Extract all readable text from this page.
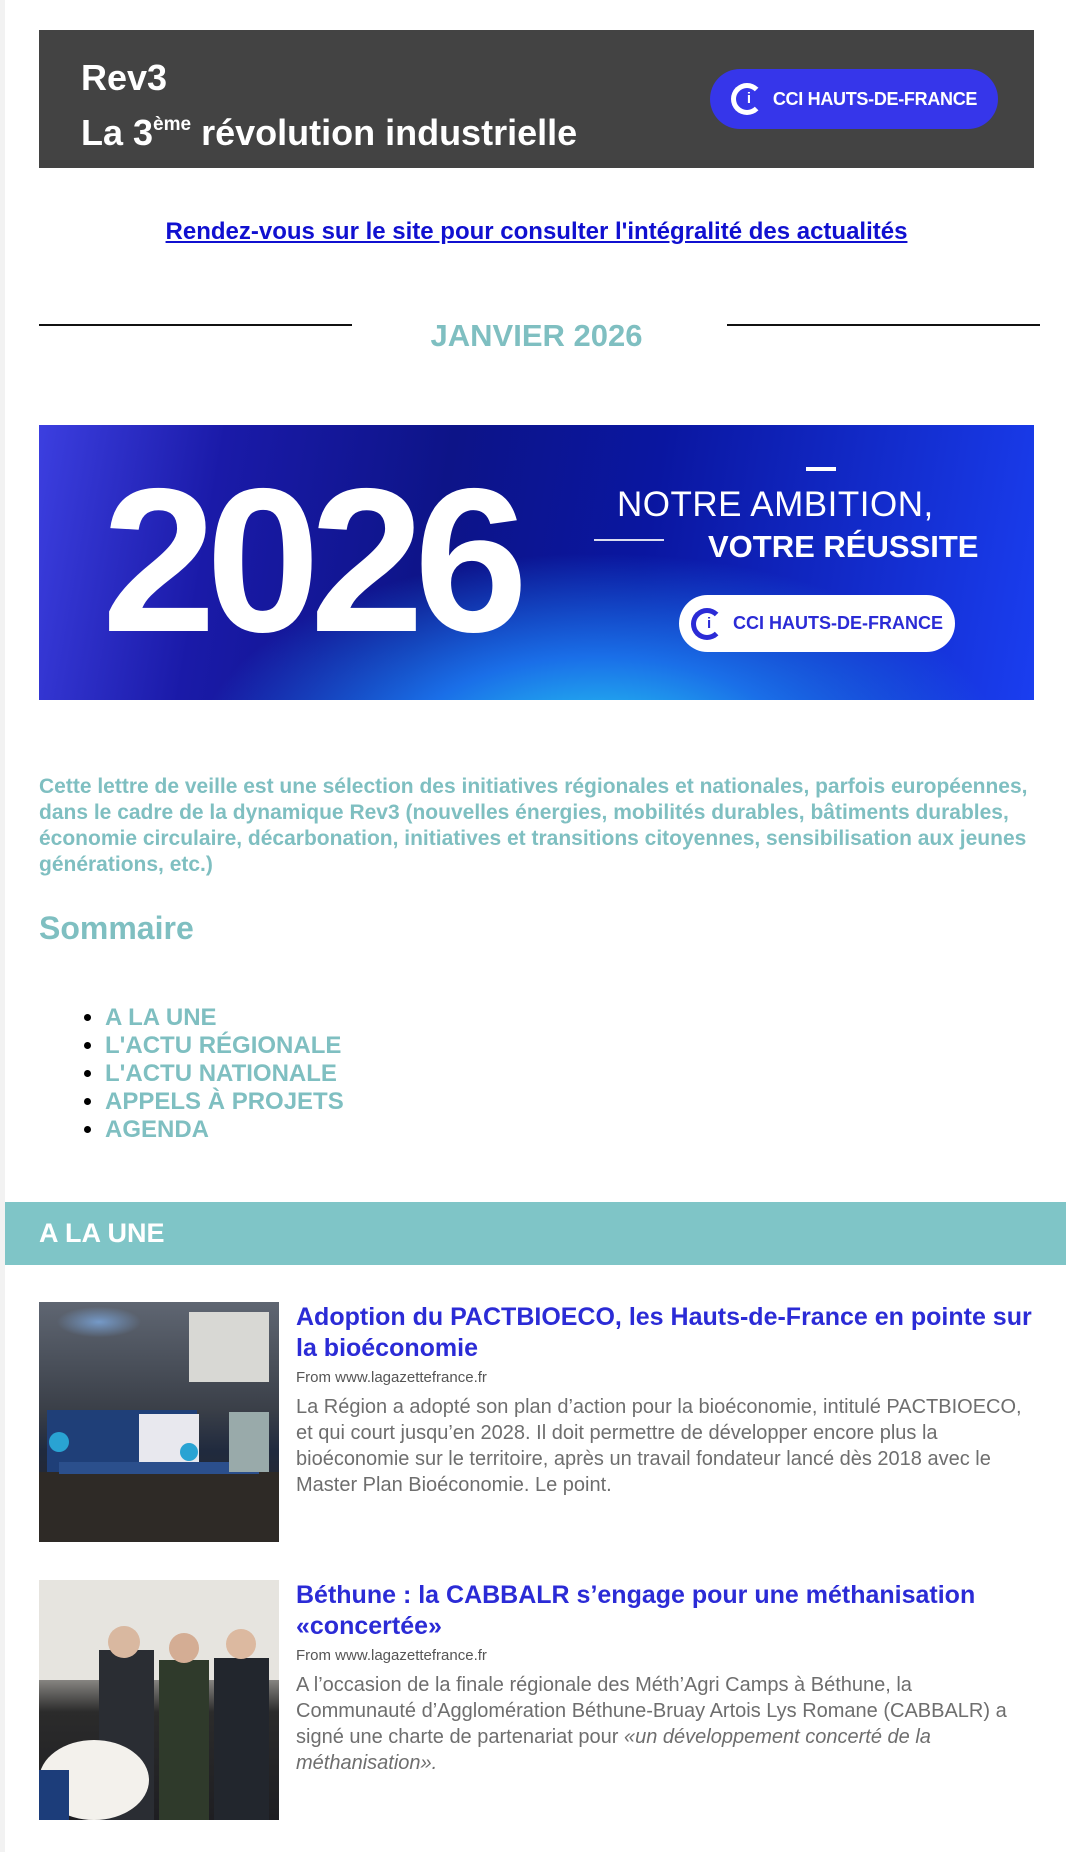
Rev3
La 3ème révolution industrielle
i CCI HAUTS-DE-FRANCE
Rendez-vous sur le site pour consulter l'intégralité des actualités
JANVIER 2026
2026	NOTRE AMBITION,
VOTRE RÉUSSITE
i CCI HAUTS-DE-FRANCE
Cette lettre de veille est une sélection des initiatives régionales et nationales, parfois européennes, dans le cadre de la dynamique Rev3 (nouvelles énergies, mobilités durables, bâtiments durables, économie circulaire, décarbonation, initiatives et transitions citoyennes, sensibilisation aux jeunes générations, etc.)
Sommaire
• A LA UNE
• L'ACTU RÉGIONALE
• L'ACTU NATIONALE
• APPELS À PROJETS
• AGENDA
A LA UNE
Adoption du PACTBIOECO, les Hauts-de-France en pointe sur la bioéconomie
From www.lagazettefrance.fr
La Région a adopté son plan d’action pour la bioéconomie, intitulé PACTBIOECO, et qui court jusqu’en 2028. Il doit permettre de développer encore plus la bioéconomie sur le territoire, après un travail fondateur lancé dès 2018 avec le Master Plan Bioéconomie. Le point.
Béthune : la CABBALR s’engage pour une méthanisation «concertée»
From www.lagazettefrance.fr
A l’occasion de la finale régionale des Méth’Agri Camps à Béthune, la Communauté d’Agglomération Béthune-Bruay Artois Lys Romane (CABBALR) a signé une charte de partenariat pour «un développement concerté de la méthanisation».
